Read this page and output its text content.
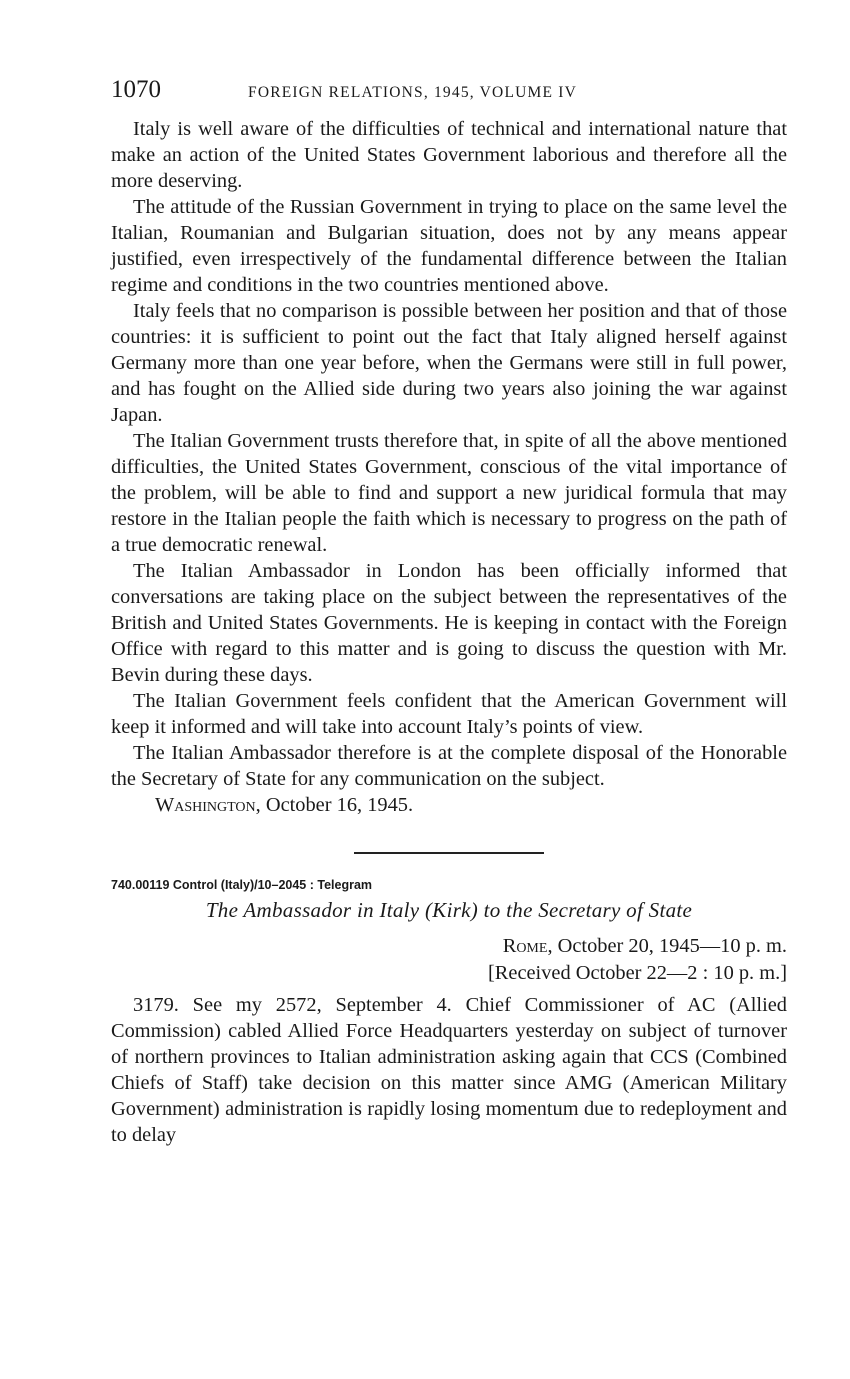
1070	FOREIGN RELATIONS, 1945, VOLUME IV

Italy is well aware of the difficulties of technical and international nature that make an action of the United States Government laborious and therefore all the more deserving.

The attitude of the Russian Government in trying to place on the same level the Italian, Roumanian and Bulgarian situation, does not by any means appear justified, even irrespectively of the fundamental difference between the Italian regime and conditions in the two countries mentioned above.

Italy feels that no comparison is possible between her position and that of those countries: it is sufficient to point out the fact that Italy aligned herself against Germany more than one year before, when the Germans were still in full power, and has fought on the Allied side during two years also joining the war against Japan.

The Italian Government trusts therefore that, in spite of all the above mentioned difficulties, the United States Government, conscious of the vital importance of the problem, will be able to find and support a new juridical formula that may restore in the Italian people the faith which is necessary to progress on the path of a true democratic renewal.

The Italian Ambassador in London has been officially informed that conversations are taking place on the subject between the representatives of the British and United States Governments. He is keeping in contact with the Foreign Office with regard to this matter and is going to discuss the question with Mr. Bevin during these days.

The Italian Government feels confident that the American Government will keep it informed and will take into account Italy’s points of view.

The Italian Ambassador therefore is at the complete disposal of the Honorable the Secretary of State for any communication on the subject.

Washington, October 16, 1945.

740.00119 Control (Italy)/10–2045 : Telegram
The Ambassador in Italy (Kirk) to the Secretary of State
Rome, October 20, 1945—10 p. m.
[Received October 22—2 : 10 p. m.]

3179. See my 2572, September 4. Chief Commissioner of AC (Allied Commission) cabled Allied Force Headquarters yesterday on subject of turnover of northern provinces to Italian administration asking again that CCS (Combined Chiefs of Staff) take decision on this matter since AMG (American Military Government) administration is rapidly losing momentum due to redeployment and to delay
